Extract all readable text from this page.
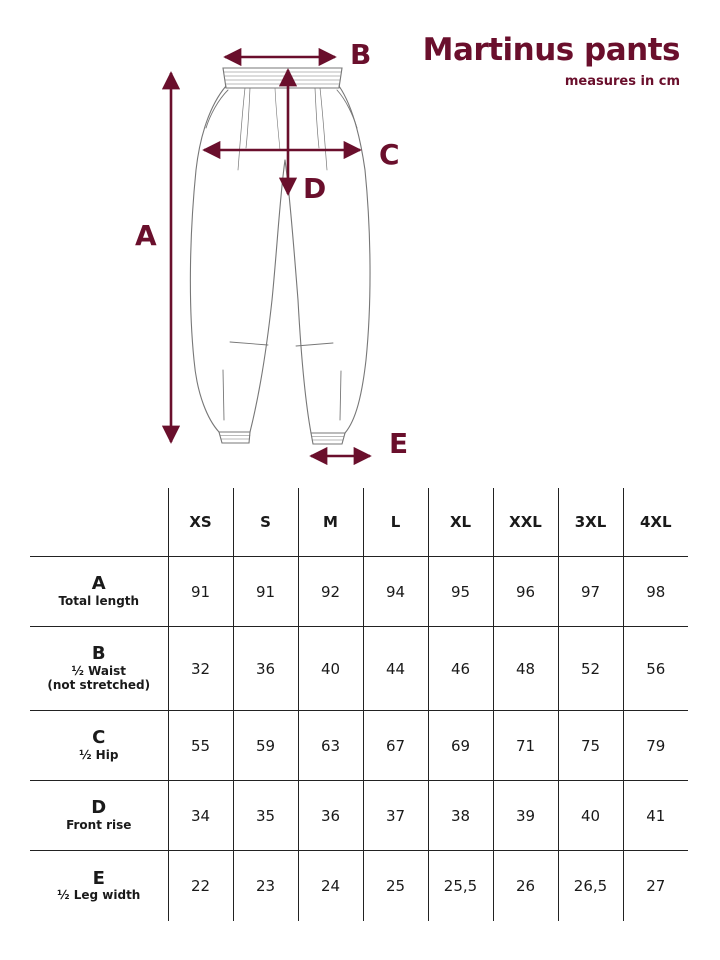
Martinus pants

measures in cm

A
B
C
D
E
	XS	S	M	L	XL	XXL	3XL	4XL

A
Total length	91	91	92	94	95	96	97	98

B
½ Waist
(not stretched)	32	36	40	44	46	48	52	56

C
½ Hip	55	59	63	67	69	71	75	79

D
Front rise	34	35	36	37	38	39	40	41

E
½ Leg width	22	23	24	25	25,5	26	26,5	27
